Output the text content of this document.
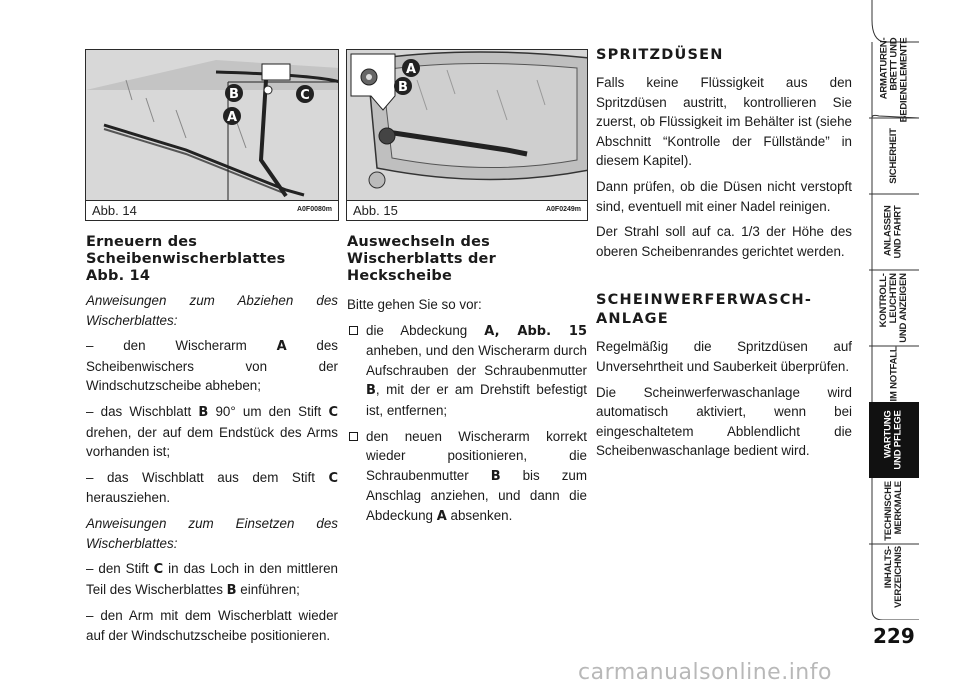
B	C
A
Abb. 14	A0F0080m
Erneuern des
Scheibenwischerblattes
Abb. 14

Anweisungen zum Abziehen des Wischerblattes:

– den Wischerarm A des Scheibenwischers von der Windschutzscheibe abheben;

– das Wischblatt B 90° um den Stift C drehen, der auf dem Endstück des Arms vorhanden ist;

– das Wischblatt aus dem Stift C herausziehen.

Anweisungen zum Einsetzen des Wischerblattes:

– den Stift C in das Loch in den mittleren Teil des Wischerblattes B einführen;

– den Arm mit dem Wischerblatt wieder auf der Windschutzscheibe positionieren.

A
B
Abb. 15	A0F0249m
Auswechseln des
Wischerblatts der Heckscheibe

Bitte gehen Sie so vor:

die Abdeckung A, Abb. 15 anheben, und den Wischerarm durch Aufschrauben der Schraubenmutter B, mit der er am Drehstift befestigt ist, entfernen;
den neuen Wischerarm korrekt wieder positionieren, die Schraubenmutter B bis zum Anschlag anziehen, und dann die Abdeckung A absenken.
SPRITZDÜSEN

Falls keine Flüssigkeit aus den Spritzdüsen austritt, kontrollieren Sie zuerst, ob Flüssigkeit im Behälter ist (siehe Abschnitt “Kontrolle der Füllstände” in diesem Kapitel).

Dann prüfen, ob die Düsen nicht verstopft sind, eventuell mit einer Nadel reinigen.

Der Strahl soll auf ca. 1/3 der Höhe des oberen Scheibenrandes gerichtet werden.

SCHEINWERFERWASCH-
ANLAGE

Regelmäßig die Spritzdüsen auf Unversehrtheit und Sauberkeit überprüfen.

Die Scheinwerferwaschanlage wird automatisch aktiviert, wenn bei eingeschaltetem Abblendlicht die Scheibenwaschanlage bedient wird.

ARMATUREN-
BRETT UND
BEDIENELEMENTE
SICHERHEIT
ANLASSEN
UND FAHRT
KONTROLL-
LEUCHTEN
UND ANZEIGEN
IM NOTFALL
WARTUNG
UND PFLEGE
TECHNISCHE
MERKMALE
INHALTS-
VERZEICHNIS
229
carmanualsonline.info
